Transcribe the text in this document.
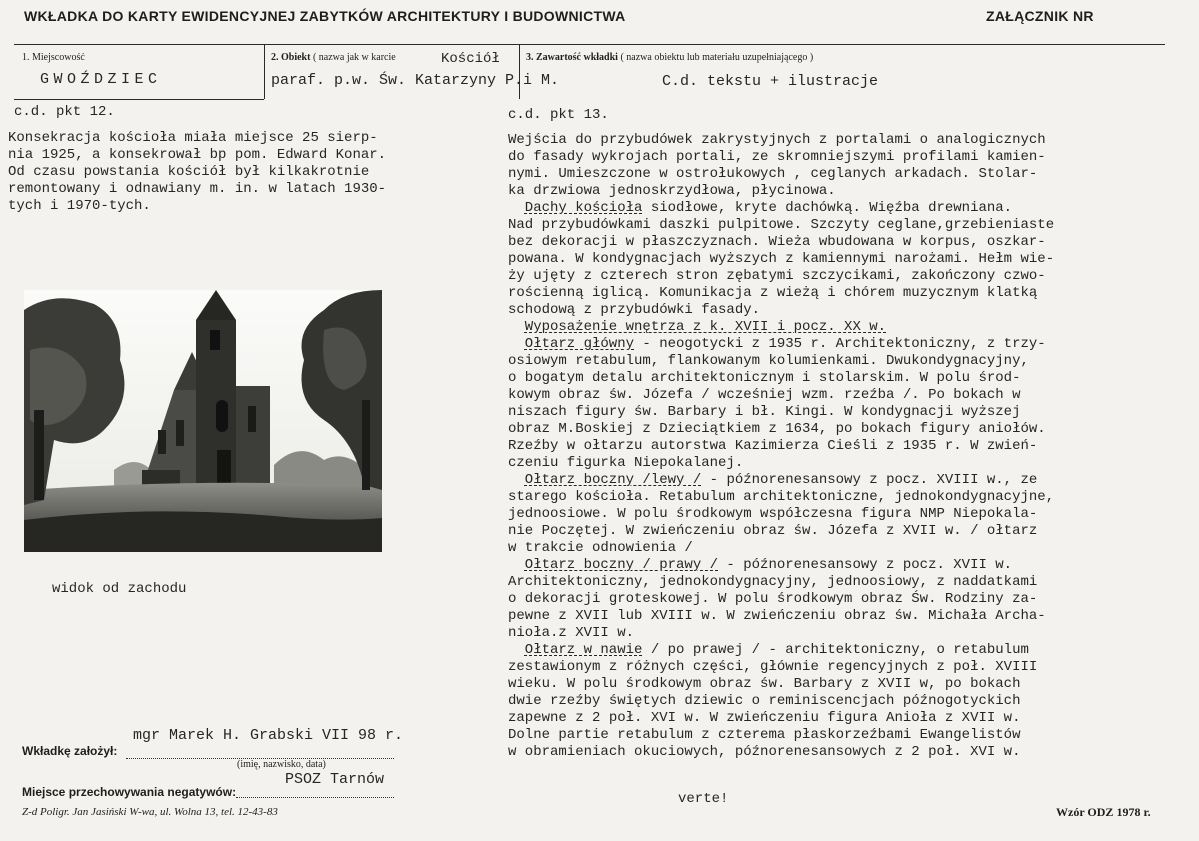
WKŁADKA DO KARTY EWIDENCYJNEJ ZABYTKÓW ARCHITEKTURY I BUDOWNICTWA	ZAŁĄCZNIK NR
1. Miejscowość
GWOŹDZIEC
2. Obiekt ( nazwa jak w karcie	Kościół
paraf. p.w. Św. Katarzyny P.i M.
3. Zawartość wkładki ( nazwa obiektu lub materiału uzupełniającego )
C.d. tekstu + ilustracje
c.d. pkt 12.
Konsekracja kościoła miała miejsce 25 sierp-
nia 1925, a konsekrował bp pom. Edward Konar.
Od czasu powstania kościół był kilkakrotnie
remontowany i odnawiany m. in. w latach 1930-
tych i 1970-tych.
widok od zachodu
c.d. pkt 13.
Wejścia do przybudówek zakrystyjnych z portalami o analogicznych
do fasady wykrojach portali, ze skromniejszymi profilami kamien-
nymi. Umieszczone w ostrołukowych , ceglanych arkadach. Stolar-
ka drzwiowa jednoskrzydłowa, płycinowa.
Dachy kościoła siodłowe, kryte dachówką. Więźba drewniana.
Nad przybudówkami daszki pulpitowe. Szczyty ceglane,grzebieniaste
bez dekoracji w płaszczyznach. Wieża wbudowana w korpus, oszkar-
powana. W kondygnacjach wyższych z kamiennymi narożami. Hełm wie-
ży ujęty z czterech stron zębatymi szczycikami, zakończony czwo-
rościenną iglicą. Komunikacja z wieżą i chórem muzycznym klatką
schodową z przybudówki fasady.
Wyposażenie wnętrza z k. XVII i pocz. XX w.
Ołtarz główny - neogotycki z 1935 r. Architektoniczny, z trzy-
osiowym retabulum, flankowanym kolumienkami. Dwukondygnacyjny,
o bogatym detalu architektonicznym i stolarskim. W polu środ-
kowym obraz św. Józefa / wcześniej wzm. rzeźba /. Po bokach w
niszach figury św. Barbary i bł. Kingi. W kondygnacji wyższej
obraz M.Boskiej z Dzieciątkiem z 1634, po bokach figury aniołów.
Rzeźby w ołtarzu autorstwa Kazimierza Cieśli z 1935 r. W zwień-
czeniu figurka Niepokalanej.
Ołtarz boczny /lewy / - późnorenesansowy z pocz. XVIII w., ze
starego kościoła. Retabulum architektoniczne, jednokondygnacyjne,
jednoosiowe. W polu środkowym współczesna figura NMP Niepokala-
nie Poczętej. W zwieńczeniu obraz św. Józefa z XVII w. / ołtarz
w trakcie odnowienia /
Ołtarz boczny / prawy / - późnorenesansowy z pocz. XVII w.
Architektoniczny, jednokondygnacyjny, jednoosiowy, z naddatkami
o dekoracji groteskowej. W polu środkowym obraz Św. Rodziny za-
pewne z XVII lub XVIII w. W zwieńczeniu obraz św. Michała Archa-
nioła.z XVII w.
Ołtarz w nawie / po prawej / - architektoniczny, o retabulum
zestawionym z różnych części, głównie regencyjnych z poł. XVIII
wieku. W polu środkowym obraz św. Barbary z XVII w, po bokach
dwie rzeźby świętych dziewic o reminiscencjach późnogotyckich
zapewne z 2 poł. XVI w. W zwieńczeniu figura Anioła z XVII w.
Dolne partie retabulum z czterema płaskorzeźbami Ewangelistów
w obramieniach okuciowych, późnorenesansowych z 2 poł. XVI w.
verte!
mgr Marek H. Grabski VII 98 r.
Wkładkę założył:
(imię, nazwisko, data)
PSOZ Tarnów
Miejsce przechowywania negatywów:
Z-d Poligr. Jan Jasiński W-wa, ul. Wolna 13, tel. 12-43-83	Wzór ODZ 1978 r.
